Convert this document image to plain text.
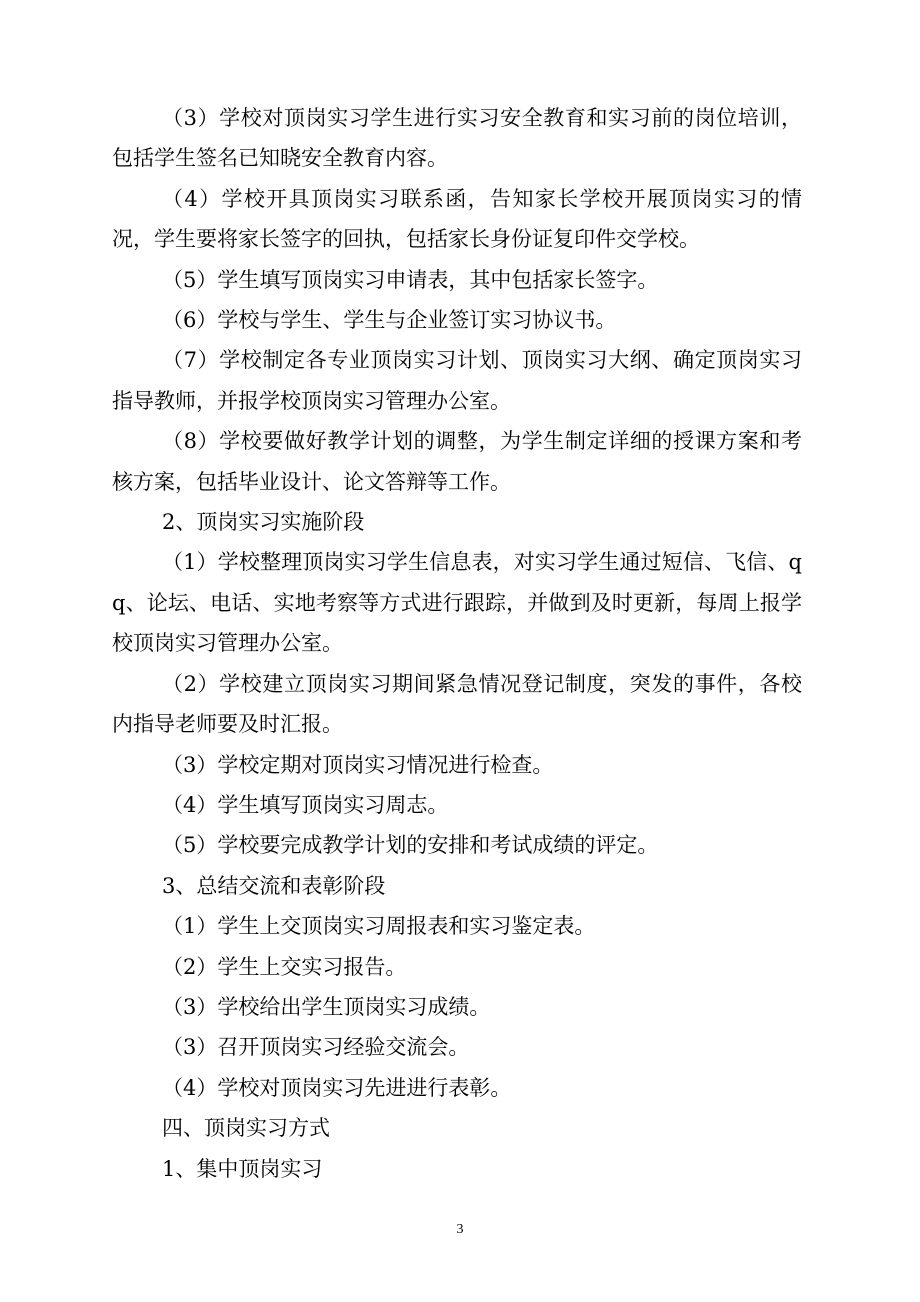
（3）学校对顶岗实习学生进行实习安全教育和实习前的岗位培训，包括学生签名已知晓安全教育内容。

（4）学校开具顶岗实习联系函，告知家长学校开展顶岗实习的情况，学生要将家长签字的回执，包括家长身份证复印件交学校。

（5）学生填写顶岗实习申请表，其中包括家长签字。

（6）学校与学生、学生与企业签订实习协议书。

（7）学校制定各专业顶岗实习计划、顶岗实习大纲、确定顶岗实习指导教师，并报学校顶岗实习管理办公室。

（8）学校要做好教学计划的调整，为学生制定详细的授课方案和考核方案，包括毕业设计、论文答辩等工作。

2、顶岗实习实施阶段

（1）学校整理顶岗实习学生信息表，对实习学生通过短信、飞信、qq、论坛、电话、实地考察等方式进行跟踪，并做到及时更新，每周上报学校顶岗实习管理办公室。

（2）学校建立顶岗实习期间紧急情况登记制度，突发的事件，各校内指导老师要及时汇报。

（3）学校定期对顶岗实习情况进行检查。

（4）学生填写顶岗实习周志。

（5）学校要完成教学计划的安排和考试成绩的评定。

3、总结交流和表彰阶段

（1）学生上交顶岗实习周报表和实习鉴定表。

（2）学生上交实习报告。

（3）学校给出学生顶岗实习成绩。

（3）召开顶岗实习经验交流会。

（4）学校对顶岗实习先进进行表彰。

四、顶岗实习方式

1、集中顶岗实习

3
